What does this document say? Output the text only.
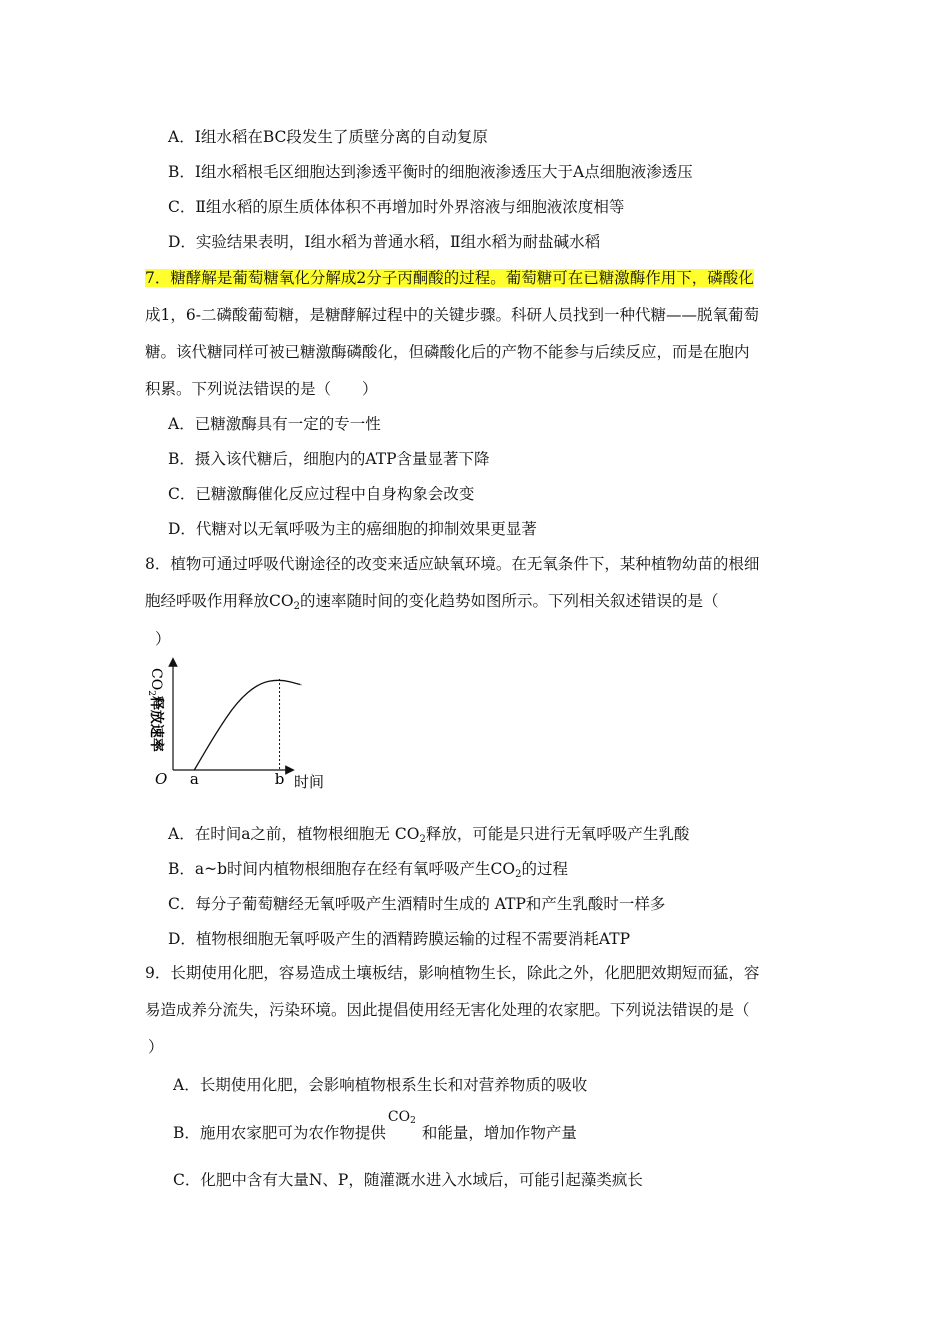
A．Ⅰ组水稻在BC段发生了质壁分离的自动复原
B．Ⅰ组水稻根毛区细胞达到渗透平衡时的细胞液渗透压大于A点细胞液渗透压
C．Ⅱ组水稻的原生质体体积不再增加时外界溶液与细胞液浓度相等
D．实验结果表明，Ⅰ组水稻为普通水稻，Ⅱ组水稻为耐盐碱水稻
7．糖酵解是葡萄糖氧化分解成2分子丙酮酸的过程。葡萄糖可在已糖激酶作用下，磷酸化
成1，6-二磷酸葡萄糖，是糖酵解过程中的关键步骤。科研人员找到一种代糖——脱氧葡萄
糖。该代糖同样可被已糖激酶磷酸化，但磷酸化后的产物不能参与后续反应，而是在胞内
积累。下列说法错误的是（　　）
A．已糖激酶具有一定的专一性
B．摄入该代糖后，细胞内的ATP含量显著下降
C．已糖激酶催化反应过程中自身构象会改变
D．代糖对以无氧呼吸为主的癌细胞的抑制效果更显著
8．植物可通过呼吸代谢途径的改变来适应缺氧环境。在无氧条件下，某种植物幼苗的根细
胞经呼吸作用释放$CO_2$的速率随时间的变化趋势如图所示。下列相关叙述错误的是（
）
O a	b 时间
$CO_2$释放速率
A．在时间a之前，植物根细胞无 $CO_2$释放，可能是只进行无氧呼吸产生乳酸
B．a~b时间内植物根细胞存在经有氧呼吸产生$CO_2$的过程
C．每分子葡萄糖经无氧呼吸产生酒精时生成的 ATP和产生乳酸时一样多
D．植物根细胞无氧呼吸产生的酒精跨膜运输的过程不需要消耗ATP
9．长期使用化肥，容易造成土壤板结，影响植物生长，除此之外，化肥肥效期短而猛，容
易造成养分流失，污染环境。因此提倡使用经无害化处理的农家肥。下列说法错误的是（
）
A．长期使用化肥，会影响植物根系生长和对营养物质的吸收
B．施用农家肥可为农作物提供
$CO_2$
和能量，增加作物产量
C．化肥中含有大量N、P，随灌溉水进入水域后，可能引起藻类疯长
